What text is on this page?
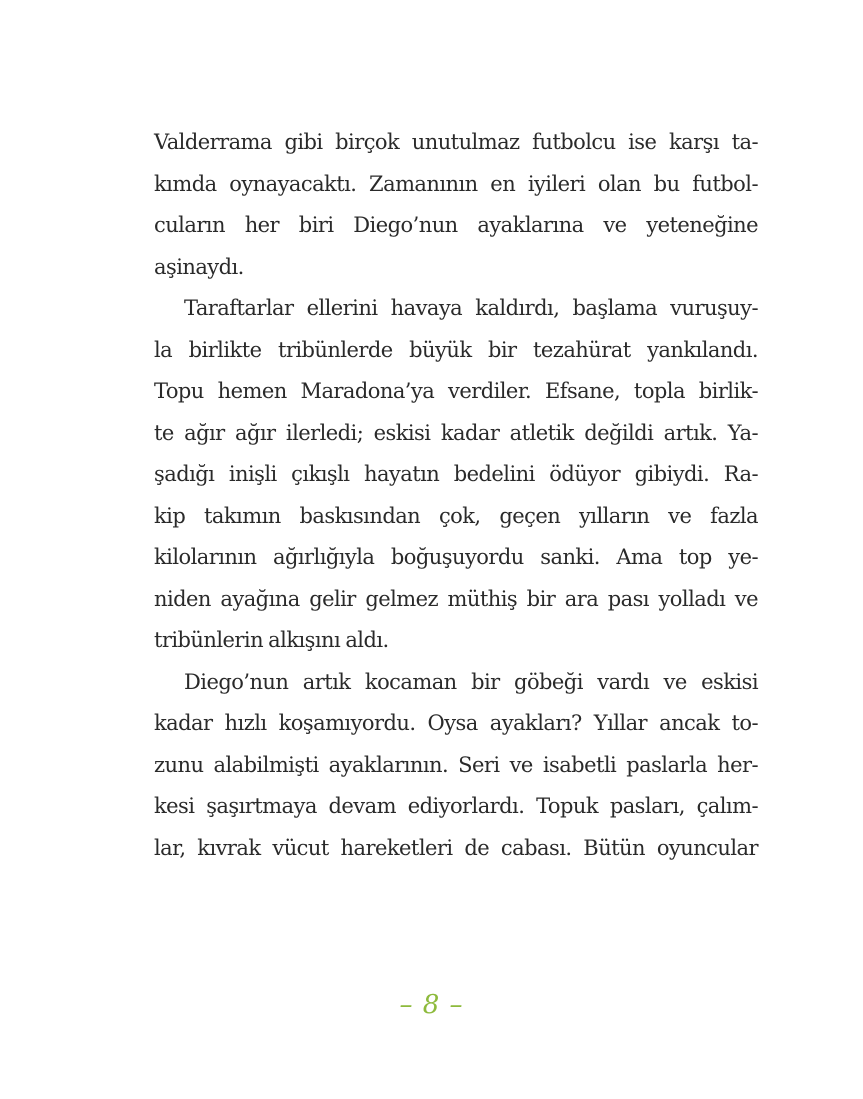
Valderrama gibi birçok unutulmaz futbolcu ise karşı ta-
kımda oynayacaktı. Zamanının en iyileri olan bu futbol-
cuların her biri Diego’nun ayaklarına ve yeteneğine
aşinaydı.
Taraftarlar ellerini havaya kaldırdı, başlama vuruşuy-
la birlikte tribünlerde büyük bir tezahürat yankılandı.
Topu hemen Maradona’ya verdiler. Efsane, topla birlik-
te ağır ağır ilerledi; eskisi kadar atletik değildi artık. Ya-
şadığı inişli çıkışlı hayatın bedelini ödüyor gibiydi. Ra-
kip takımın baskısından çok, geçen yılların ve fazla
kilolarının ağırlığıyla boğuşuyordu sanki. Ama top ye-
niden ayağına gelir gelmez müthiş bir ara pası yolladı ve
tribünlerin alkışını aldı.
Diego’nun artık kocaman bir göbeği vardı ve eskisi
kadar hızlı koşamıyordu. Oysa ayakları? Yıllar ancak to-
zunu alabilmişti ayaklarının. Seri ve isabetli paslarla her-
kesi şaşırtmaya devam ediyorlardı. Topuk pasları, çalım-
lar, kıvrak vücut hareketleri de cabası. Bütün oyuncular
– 8 –
